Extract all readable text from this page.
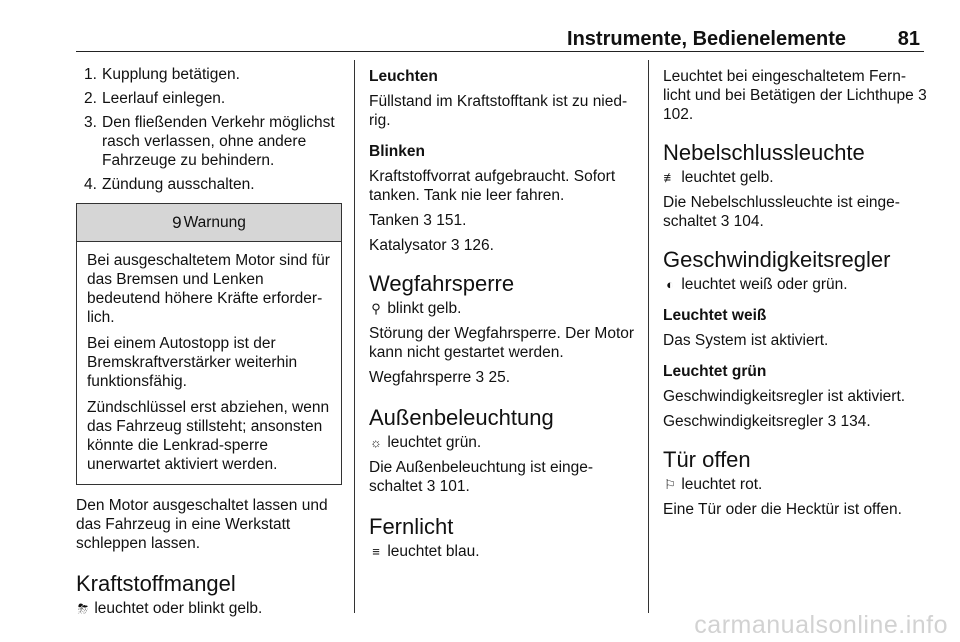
Instrumente, Bedienelemente	81
1. Kupplung betätigen.
2. Leerlauf einlegen.
3. Den fließenden Verkehr möglichst rasch verlassen, ohne andere Fahrzeuge zu behindern.
4. Zündung ausschalten.
9 Warnung

Bei ausgeschaltetem Motor sind für das Bremsen und Lenken bedeutend höhere Kräfte erforder-lich.

Bei einem Autostopp ist der Bremskraftverstärker weiterhin funktionsfähig.

Zündschlüssel erst abziehen, wenn das Fahrzeug stillsteht; ansonsten könnte die Lenkrad-sperre unerwartet aktiviert werden.

Den Motor ausgeschaltet lassen und das Fahrzeug in eine Werkstatt schleppen lassen.

Kraftstoffmangel

⛈ leuchtet oder blinkt gelb.

Leuchten

Füllstand im Kraftstofftank ist zu nied-rig.

Blinken

Kraftstoffvorrat aufgebraucht. Sofort tanken. Tank nie leer fahren.

Tanken 3 151.

Katalysator 3 126.

Wegfahrsperre

⚲ blinkt gelb.

Störung der Wegfahrsperre. Der Motor kann nicht gestartet werden.

Wegfahrsperre 3 25.

Außenbeleuchtung

☼ leuchtet grün.

Die Außenbeleuchtung ist einge-schaltet 3 101.

Fernlicht

≡ leuchtet blau.

Leuchtet bei eingeschaltetem Fern-licht und bei Betätigen der Lichthupe 3 102.

Nebelschlussleuchte

≢ leuchtet gelb.

Die Nebelschlussleuchte ist einge-schaltet 3 104.

Geschwindigkeitsregler

◐ leuchtet weiß oder grün.

Leuchtet weiß

Das System ist aktiviert.

Leuchtet grün

Geschwindigkeitsregler ist aktiviert.

Geschwindigkeitsregler 3 134.

Tür offen

⚐ leuchtet rot.

Eine Tür oder die Hecktür ist offen.

carmanualsonline.info
